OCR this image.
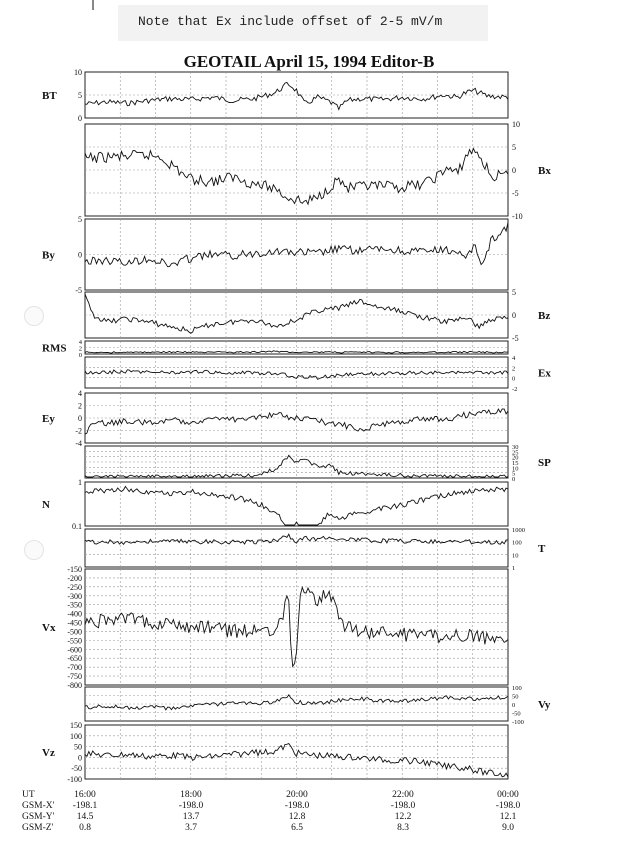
Note that Ex include offset of 2-5 mV/m
GEOTAIL April 15, 1994 Editor-B
10
5
0
BT
10
5
0
-5
-10
Bx
5
0
-5
By
5
0
-5
Bz
4
2
0
RMS
4
2
0
-2
Ex
4
2
0
-2
-4
Ey
30
25
20
15
10
5
0
SP
1
0.1
N
1000
100
10
1
T
-150
-200
-250
-300
-350
-400
-450
-500
-550
-600
-650
-700
-750
-800
Vx
100
50
0
-50
-100
Vy
150
100
50
0
-50
-100
Vz
UT
GSM-X'
GSM-Y'
GSM-Z'
16:00
-198.1
14.5
0.8
18:00
-198.0
13.7
3.7
20:00
-198.0
12.8
6.5
22:00
-198.0
12.2
8.3
00:00
-198.0
12.1
9.0
